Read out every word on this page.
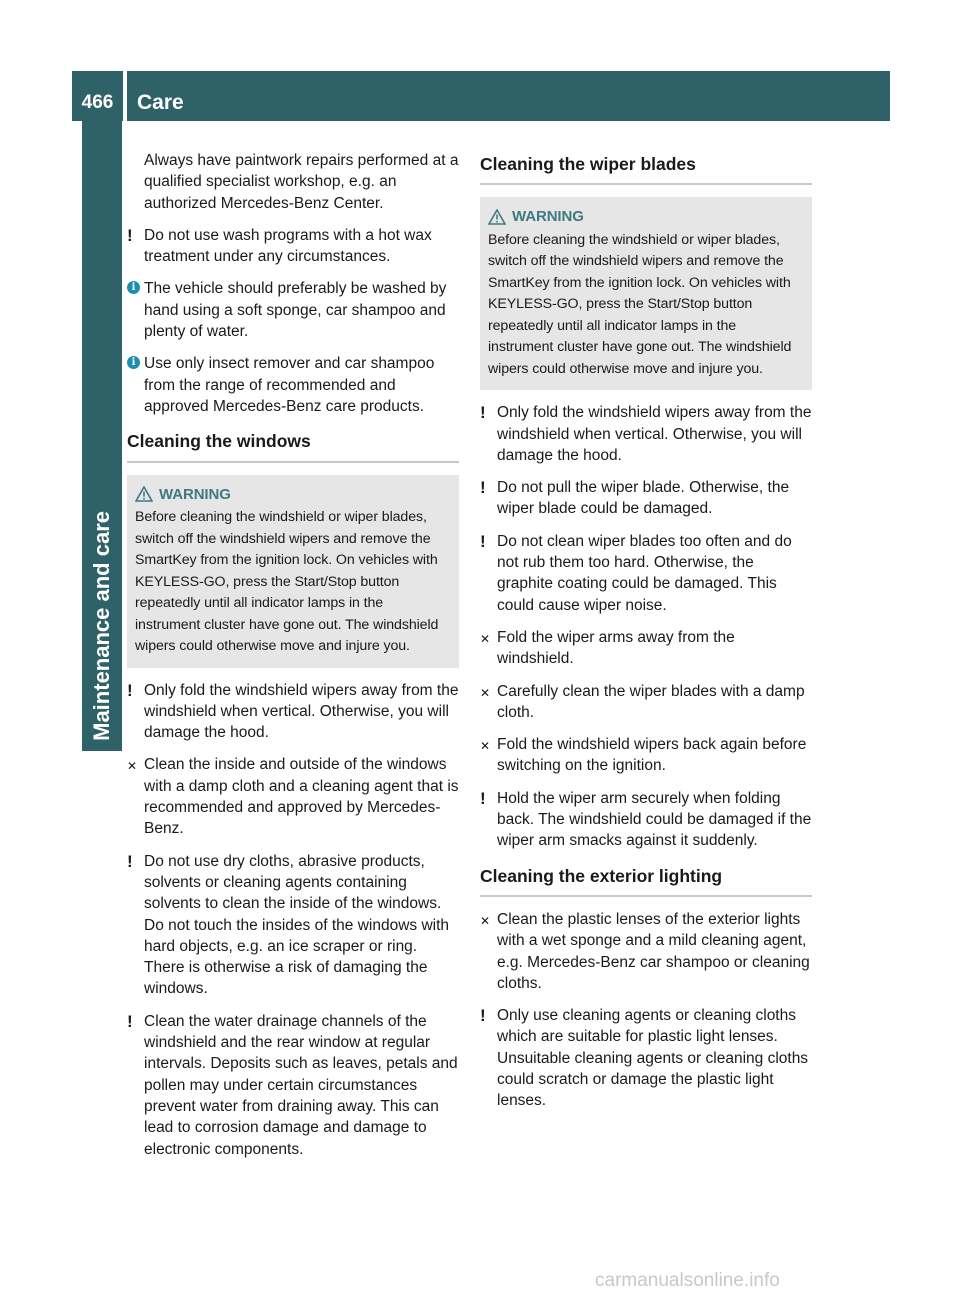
466	Care
Maintenance and care

Always have paintwork repairs performed at a qualified specialist workshop, e.g. an authorized Mercedes-Benz Center.

! Do not use wash programs with a hot wax treatment under any circumstances.

i The vehicle should preferably be washed by hand using a soft sponge, car shampoo and plenty of water.

i Use only insect remover and car shampoo from the range of recommended and approved Mercedes-Benz care products.

Cleaning the windows
WARNING
Before cleaning the windshield or wiper blades, switch off the windshield wipers and remove the SmartKey from the ignition lock. On vehicles with KEYLESS-GO, press the Start/Stop button repeatedly until all indicator lamps in the instrument cluster have gone out. The windshield wipers could otherwise move and injure you.

! Only fold the windshield wipers away from the windshield when vertical. Otherwise, you will damage the hood.

✕ Clean the inside and outside of the windows with a damp cloth and a cleaning agent that is recommended and approved by Mercedes-Benz.

! Do not use dry cloths, abrasive products, solvents or cleaning agents containing solvents to clean the inside of the windows. Do not touch the insides of the windows with hard objects, e.g. an ice scraper or ring. There is otherwise a risk of damaging the windows.

! Clean the water drainage channels of the windshield and the rear window at regular intervals. Deposits such as leaves, petals and pollen may under certain circumstances prevent water from draining away. This can lead to corrosion damage and damage to electronic components.

Cleaning the wiper blades
WARNING
Before cleaning the windshield or wiper blades, switch off the windshield wipers and remove the SmartKey from the ignition lock. On vehicles with KEYLESS-GO, press the Start/Stop button repeatedly until all indicator lamps in the instrument cluster have gone out. The windshield wipers could otherwise move and injure you.

! Only fold the windshield wipers away from the windshield when vertical. Otherwise, you will damage the hood.

! Do not pull the wiper blade. Otherwise, the wiper blade could be damaged.

! Do not clean wiper blades too often and do not rub them too hard. Otherwise, the graphite coating could be damaged. This could cause wiper noise.

✕ Fold the wiper arms away from the windshield.

✕ Carefully clean the wiper blades with a damp cloth.

✕ Fold the windshield wipers back again before switching on the ignition.

! Hold the wiper arm securely when folding back. The windshield could be damaged if the wiper arm smacks against it suddenly.

Cleaning the exterior lighting

✕ Clean the plastic lenses of the exterior lights with a wet sponge and a mild cleaning agent, e.g. Mercedes-Benz car shampoo or cleaning cloths.

! Only use cleaning agents or cleaning cloths which are suitable for plastic light lenses. Unsuitable cleaning agents or cleaning cloths could scratch or damage the plastic light lenses.

carmanualsonline.info
